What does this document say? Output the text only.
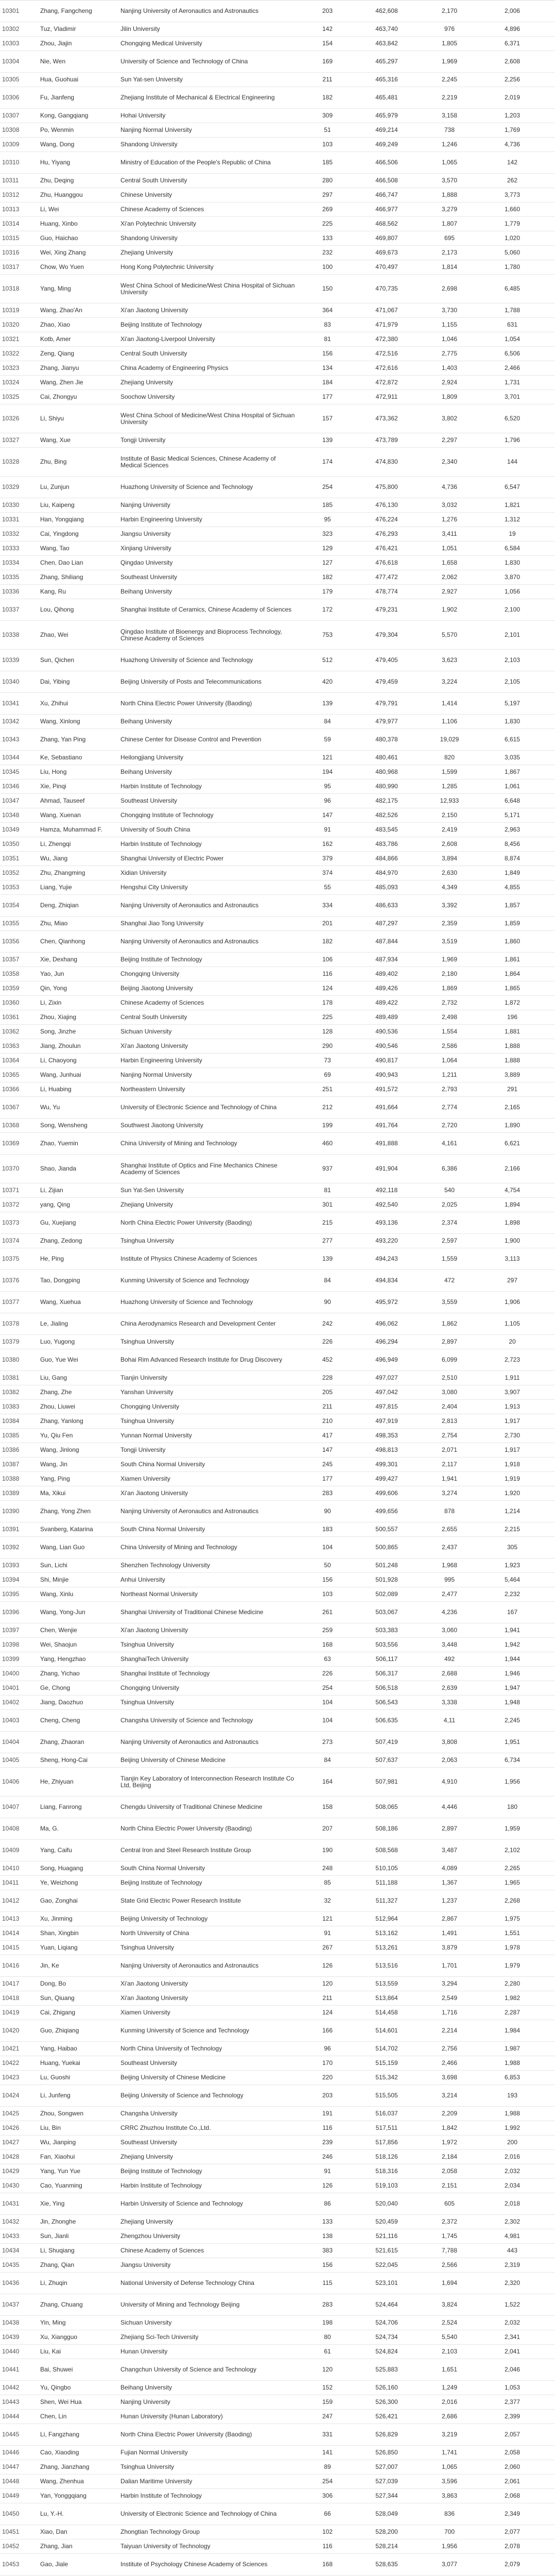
10301	Zhang, Fangcheng	Nanjing University of Aeronautics and Astronautics	203	462,608	2,170	2,006
10302	Tuz, Vladimir	Jilin University	142	463,740	976	4,896
10303	Zhou, Jiajin	Chongqing Medical University	154	463,842	1,805	6,371
10304	Nie, Wen	University of Science and Technology of China	169	465,297	1,969	2,608
10305	Hua, Guohuai	Sun Yat-sen University	211	465,316	2,245	2,256
10306	Fu, Jianfeng	Zhejiang Institute of Mechanical & Electrical Engineering	182	465,481	2,219	2,019
10307	Kong, Gangqiang	Hohai University	309	465,979	3,158	1,203
10308	Po, Wenmin	Nanjing Normal University	51	469,214	738	1,769
10309	Wang, Dong	Shandong University	103	469,249	1,246	4,736
10310	Hu, Yiyang	Ministry of Education of the People's Republic of China	185	466,506	1,065	142
10311	Zhu, Deqing	Central South University	280	466,508	3,570	262
10312	Zhu, Huanggou	Chinese University	297	466,747	1,888	3,773
10313	Li, Wei	Chinese Academy of Sciences	269	466,977	3,279	1,660
10314	Huang, Xinbo	Xi'an Polytechnic University	225	468,562	1,807	1,779
10315	Guo, Haichao	Shandong University	133	469,807	695	1,020
10316	Wei, Xing Zhang	Zhejiang University	232	469,673	2,173	5,060
10317	Chow, Wo Yuen	Hong Kong Polytechnic University	100	470,497	1,814	1,780
10318	Yang, Ming	West China School of Medicine/West China Hospital of Sichuan University	150	470,735	2,698	6,485
10319	Wang, Zhao'An	Xi'an Jiaotong University	364	471,067	3,730	1,788
10320	Zhao, Xiao	Beijing Institute of Technology	83	471,979	1,155	631
10321	Kotb, Amer	Xi'an Jiaotong-Liverpool University	81	472,380	1,046	1,054
10322	Zeng, Qiang	Central South University	156	472,516	2,775	6,506
10323	Zhang, Jianyu	China Academy of Engineering Physics	134	472,616	1,403	2,466
10324	Wang, Zhen Jie	Zhejiang University	184	472,872	2,924	1,731
10325	Cai, Zhongyu	Soochow University	177	472,911	1,809	3,701
10326	Li, Shiyu	West China School of Medicine/West China Hospital of Sichuan University	157	473,362	3,802	6,520
10327	Wang, Xue	Tongji University	139	473,789	2,297	1,796
10328	Zhu, Bing	Institute of Basic Medical Sciences, Chinese Academy of Medical Sciences	174	474,830	2,340	144
10329	Lu, Zunjun	Huazhong University of Science and Technology	254	475,800	4,736	6,547
10330	Liu, Kaipeng	Nanjing University	185	476,130	3,032	1,821
10331	Han, Yongqiang	Harbin Engineering University	95	476,224	1,276	1,312
10332	Cai, Yingdong	Jiangsu University	323	476,293	3,411	19
10333	Wang, Tao	Xinjiang University	129	476,421	1,051	6,584
10334	Chen, Dao Lian	Qingdao University	127	476,618	1,658	1,830
10335	Zhang, Shiliang	Southeast University	182	477,472	2,062	3,870
10336	Kang, Ru	Beihang University	179	478,774	2,927	1,056
10337	Lou, Qihong	Shanghai Institute of Ceramics, Chinese Academy of Sciences	172	479,231	1,902	2,100
10338	Zhao, Wei	Qingdao Institute of Bioenergy and Bioprocess Technology, Chinese Academy of Sciences	753	479,304	5,570	2,101
10339	Sun, Qichen	Huazhong University of Science and Technology	512	479,405	3,623	2,103
10340	Dai, Yibing	Beijing University of Posts and Telecommunications	420	479,459	3,224	2,105
10341	Xu, Zhihui	North China Electric Power University (Baoding)	139	479,791	1,414	5,197
10342	Wang, Xinlong	Beihang University	84	479,977	1,106	1,830
10343	Zhang, Yan Ping	Chinese Center for Disease Control and Prevention	59	480,378	19,029	6,615
10344	Ke, Sebastiano	Heilongjiang University	121	480,461	820	3,035
10345	Liu, Hong	Beihang University	194	480,968	1,599	1,867
10346	Xie, Pinqi	Harbin Institute of Technology	95	480,990	1,285	1,061
10347	Ahmad, Tauseef	Southeast University	96	482,175	12,933	6,648
10348	Wang, Xuenan	Chongqing Institute of Technology	147	482,526	2,150	5,171
10349	Hamza, Muhammad F.	University of South China	91	483,545	2,419	2,963
10350	Li, Zhengqi	Harbin Institute of Technology	162	483,786	2,608	8,456
10351	Wu, Jiang	Shanghai University of Electric Power	379	484,866	3,894	8,874
10352	Zhu, Zhangming	Xidian University	374	484,970	2,630	1,849
10353	Liang, Yujie	Hengshui City University	55	485,093	4,349	4,855
10354	Deng, Zhiqian	Nanjing University of Aeronautics and Astronautics	334	486,633	3,392	1,857
10355	Zhu, Miao	Shanghai Jiao Tong University	201	487,297	2,359	1,859
10356	Chen, Qianhong	Nanjing University of Aeronautics and Astronautics	182	487,844	3,519	1,860
10357	Xie, Dexhang	Beijing Institute of Technology	106	487,934	1,969	1,861
10358	Yao, Jun	Chongqing University	116	489,402	2,180	1,864
10359	Qin, Yong	Beijing Jiaotong University	124	489,426	1,869	1,865
10360	Li, Zixin	Chinese Academy of Sciences	178	489,422	2,732	1,872
10361	Zhou, Xiajing	Central South University	225	489,489	2,498	196
10362	Song, Jinzhe	Sichuan University	128	490,536	1,554	1,881
10363	Jiang, Zhoulun	Xi'an Jiaotong University	290	490,546	2,586	1,888
10364	Li, Chaoyong	Harbin Engineering University	73	490,817	1,064	1,888
10365	Wang, Junhuai	Nanjing Normal University	69	490,943	1,211	3,889
10366	Li, Huabing	Northeastern University	251	491,572	2,793	291
10367	Wu, Yu	University of Electronic Science and Technology of China	212	491,664	2,774	2,165
10368	Song, Wensheng	Southwest Jiaotong University	199	491,764	2,720	1,890
10369	Zhao, Yuemin	China University of Mining and Technology	460	491,888	4,161	6,621
10370	Shao, Jianda	Shanghai Institute of Optics and Fine Mechanics Chinese Academy of Sciences	937	491,904	6,386	2,166
10371	Li, Zijian	Sun Yat-Sen University	81	492,118	540	4,754
10372	yang, Qing	Zhejiang University	301	492,540	2,025	1,894
10373	Gu, Xuejiang	North China Electric Power University (Baoding)	215	493,136	2,374	1,898
10374	Zhang, Zedong	Tsinghua University	277	493,220	2,597	1,900
10375	He, Ping	Institute of Physics Chinese Academy of Sciences	139	494,243	1,559	3,113
10376	Tao, Dongping	Kunming University of Science and Technology	84	494,834	472	297
10377	Wang, Xuehua	Huazhong University of Science and Technology	90	495,972	3,559	1,906
10378	Le, Jialing	China Aerodynamics Research and Development Center	242	496,062	1,862	1,105
10379	Luo, Yugong	Tsinghua University	226	496,294	2,897	20
10380	Guo, Yue Wei	Bohai Rim Advanced Research Institute for Drug Discovery	452	496,949	6,099	2,723
10381	Liu, Gang	Tianjin University	228	497,027	2,510	1,911
10382	Zhang, Zhe	Yanshan University	205	497,042	3,080	3,907
10383	Zhou, Liuwei	Chongqing University	211	497,815	2,404	1,913
10384	Zhang, Yanlong	Tsinghua University	210	497,919	2,813	1,917
10385	Yu, Qiu Fen	Yunnan Normal University	417	498,353	2,754	2,730
10386	Wang, Jinlong	Tongji University	147	498,813	2,071	1,917
10387	Wang, Jin	South China Normal University	245	499,301	2,117	1,918
10388	Yang, Ping	Xiamen University	177	499,427	1,941	1,919
10389	Ma, Xikui	Xi'an Jiaotong University	283	499,606	3,274	1,920
10390	Zhang, Yong Zhen	Nanjing University of Aeronautics and Astronautics	90	499,656	878	1,214
10391	Svanberg, Katarina	South China Normal University	183	500,557	2,655	2,215
10392	Wang, Lian Guo	China University of Mining and Technology	104	500,865	2,437	305
10393	Sun, Lichi	Shenzhen Technology University	50	501,248	1,968	1,923
10394	Shi, Minjie	Anhui University	156	501,928	995	5,464
10395	Wang, Xinlu	Northeast Normal University	103	502,089	2,477	2,232
10396	Wang, Yong-Jun	Shanghai University of Traditional Chinese Medicine	261	503,067	4,236	167
10397	Chen, Wenjie	Xi'an Jiaotong University	259	503,383	3,060	1,941
10398	Wei, Shaojun	Tsinghua University	168	503,556	3,448	1,942
10399	Yang, Hengzhao	ShanghaiTech University	63	506,117	492	1,944
10400	Zhang, Yichao	Shanghai Institute of Technology	226	506,317	2,688	1,946
10401	Ge, Chong	Chongqing University	254	506,518	2,639	1,947
10402	Jiang, Daozhuo	Tsinghua University	104	506,543	3,338	1,948
10403	Cheng, Cheng	Changsha University of Science and Technology	104	506,635	4,11	2,245
10404	Zhang, Zhaoran	Nanjing University of Aeronautics and Astronautics	273	507,419	3,808	1,951
10405	Sheng, Hong-Cai	Beijing University of Chinese Medicine	84	507,637	2,063	6,734
10406	He, Zhiyuan	Tianjin Key Laboratory of Interconnection Research Institute Co Ltd, Beijing	164	507,981	4,910	1,956
10407	Liang, Fanrong	Chengdu University of Traditional Chinese Medicine	158	508,065	4,446	180
10408	Ma, G.	North China Electric Power University (Baoding)	207	508,186	2,897	1,959
10409	Yang, Caifu	Central Iron and Steel Research Institute Group	190	508,568	3,487	2,102
10410	Song, Huagang	South China Normal University	248	510,105	4,089	2,265
10411	Ye, Weizhong	Beijing Institute of Technology	85	511,188	1,367	1,965
10412	Gao, Zonghai	State Grid Electric Power Research Institute	32	511,327	1,237	2,268
10413	Xu, Jinming	Beijing University of Technology	121	512,964	2,867	1,975
10414	Shan, Xingbin	North University of China	91	513,162	1,491	1,551
10415	Yuan, Liqiang	Tsinghua University	267	513,261	3,879	1,978
10416	Jin, Ke	Nanjing University of Aeronautics and Astronautics	126	513,516	1,701	1,979
10417	Dong, Bo	Xi'an Jiaotong University	120	513,559	3,294	2,280
10418	Sun, Qiuang	Xi'an Jiaotong University	211	513,864	2,549	1,982
10419	Cai, Zhigang	Xiamen University	124	514,458	1,716	2,287
10420	Guo, Zhiqiang	Kunming University of Science and Technology	166	514,601	2,214	1,984
10421	Yang, Haibao	North China University of Technology	96	514,702	2,756	1,987
10422	Huang, Yuekai	Southeast University	170	515,159	2,466	1,988
10423	Lu, Guoshi	Beijing University of Chinese Medicine	220	515,342	3,698	6,853
10424	Li, Junfeng	Beijing University of Science and Technology	203	515,505	3,214	193
10425	Zhou, Songwen	Changsha University	191	516,037	2,209	1,988
10426	Liu, Bin	CRRC Zhuzhou Institute Co.,Ltd.	116	517,511	1,842	1,992
10427	Wu, Jianping	Southeast University	239	517,856	1,972	200
10428	Fan, Xiaohui	Zhejiang University	246	518,126	2,184	2,016
10429	Yang, Yun Yue	Beijing Institute of Technology	91	518,316	2,058	2,032
10430	Cao, Yuanming	Harbin Institute of Technology	126	519,103	2,151	2,034
10431	Xie, Ying	Harbin University of Science and Technology	86	520,040	605	2,018
10432	Jin, Zhonghe	Zhejiang University	133	520,459	2,372	2,302
10433	Sun, Jianli	Zhengzhou University	138	521,116	1,745	4,981
10434	Li, Shuqiang	Chinese Academy of Sciences	383	521,615	7,788	443
10435	Zhang, Qian	Jiangsu University	156	522,045	2,566	2,319
10436	Li, Zhuqin	National University of Defense Technology China	115	523,101	1,694	2,320
10437	Zhang, Chuang	University of Mining and Technology Beijing	283	524,464	3,824	1,522
10438	Yin, Ming	Sichuan University	198	524,706	2,524	2,032
10439	Xu, Xiangguo	Zhejiang Sci-Tech University	80	524,734	5,540	2,341
10440	Liu, Kai	Hunan University	61	524,824	2,103	2,041
10441	Bai, Shuwei	Changchun University of Science and Technology	120	525,883	1,651	2,046
10442	Yu, Qingbo	Beihang University	152	526,160	1,249	1,053
10443	Shen, Wei Hua	Nanjing University	159	526,300	2,016	2,377
10444	Chen, Lin	Hunan University (Hunan Laboratory)	247	526,421	2,686	2,399
10445	Li, Fangzhang	North China Electric Power University (Baoding)	331	526,829	3,219	2,057
10446	Cao, Xiaoding	Fujian Normal University	141	526,850	1,741	2,058
10447	Zhang, Jianzhang	Tsinghua University	89	527,007	1,065	2,060
10448	Wang, Zhenhua	Dalian Maritime University	254	527,039	3,596	2,061
10449	Yan, Yonggqiang	Harbin Institute of Technology	306	527,344	3,863	2,068
10450	Lu, Y.-H.	University of Electronic Science and Technology of China	66	528,049	836	2,349
10451	Xiao, Dan	Zhongtian Technology Group	102	528,200	700	2,077
10452	Zhang, Jian	Taiyuan University of Technology	116	528,214	1,956	2,078
10453	Gao, Jiale	Institute of Psychology Chinese Academy of Sciences	168	528,635	3,077	2,079
